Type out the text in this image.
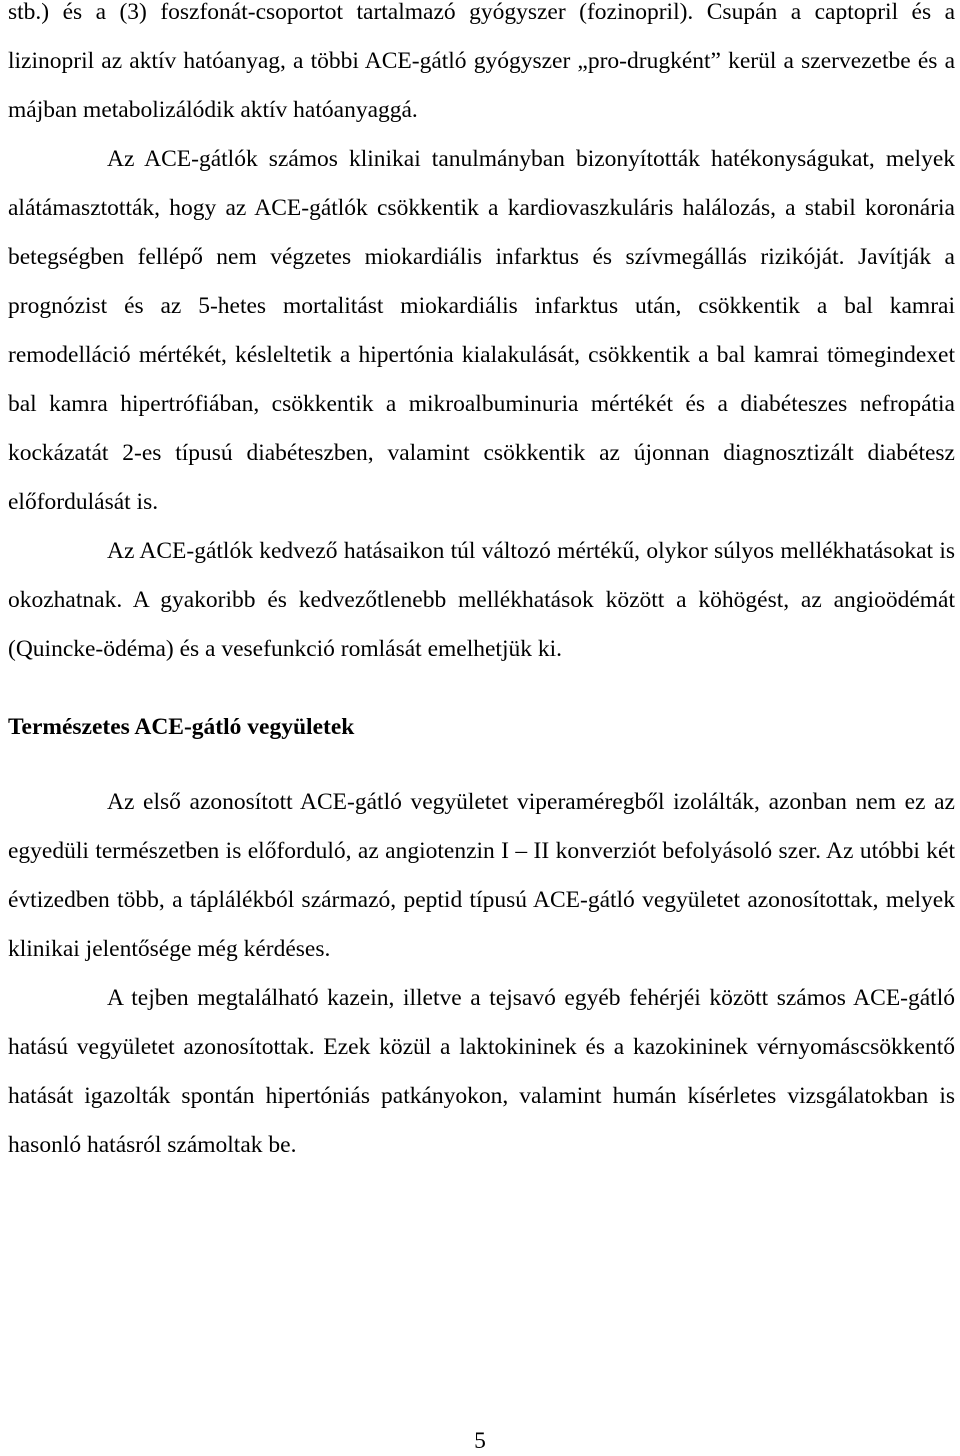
stb.) és a (3) foszfonát-csoportot tartalmazó gyógyszer (fozinopril). Csupán a captopril és a lizinopril az aktív hatóanyag, a többi ACE-gátló gyógyszer „pro-drugként” kerül a szervezetbe és a májban metabolizálódik aktív hatóanyaggá.

Az ACE-gátlók számos klinikai tanulmányban bizonyították hatékonyságukat, melyek alátámasztották, hogy az ACE-gátlók csökkentik a kardiovaszkuláris halálozás, a stabil koronária betegségben fellépő nem végzetes miokardiális infarktus és szívmegállás rizikóját. Javítják a prognózist és az 5-hetes mortalitást miokardiális infarktus után, csökkentik a bal kamrai remodelláció mértékét, késleltetik a hipertónia kialakulását, csökkentik a bal kamrai tömegindexet bal kamra hipertrófiában, csökkentik a mikroalbuminuria mértékét és a diabéteszes nefropátia kockázatát 2-es típusú diabéteszben, valamint csökkentik az újonnan diagnosztizált diabétesz előfordulását is.

Az ACE-gátlók kedvező hatásaikon túl változó mértékű, olykor súlyos mellékhatásokat is okozhatnak. A gyakoribb és kedvezőtlenebb mellékhatások között a köhögést, az angioödémát (Quincke-ödéma) és a vesefunkció romlását emelhetjük ki.

Természetes ACE-gátló vegyületek

Az első azonosított ACE-gátló vegyületet viperaméregből izolálták, azonban nem ez az egyedüli természetben is előforduló, az angiotenzin I – II konverziót befolyásoló szer. Az utóbbi két évtizedben több, a táplálékból származó, peptid típusú ACE-gátló vegyületet azonosítottak, melyek klinikai jelentősége még kérdéses.

A tejben megtalálható kazein, illetve a tejsavó egyéb fehérjéi között számos ACE-gátló hatású vegyületet azonosítottak. Ezek közül a laktokininek és a kazokininek vérnyomáscsökkentő hatását igazolták spontán hipertóniás patkányokon, valamint humán kísérletes vizsgálatokban is hasonló hatásról számoltak be.

5
